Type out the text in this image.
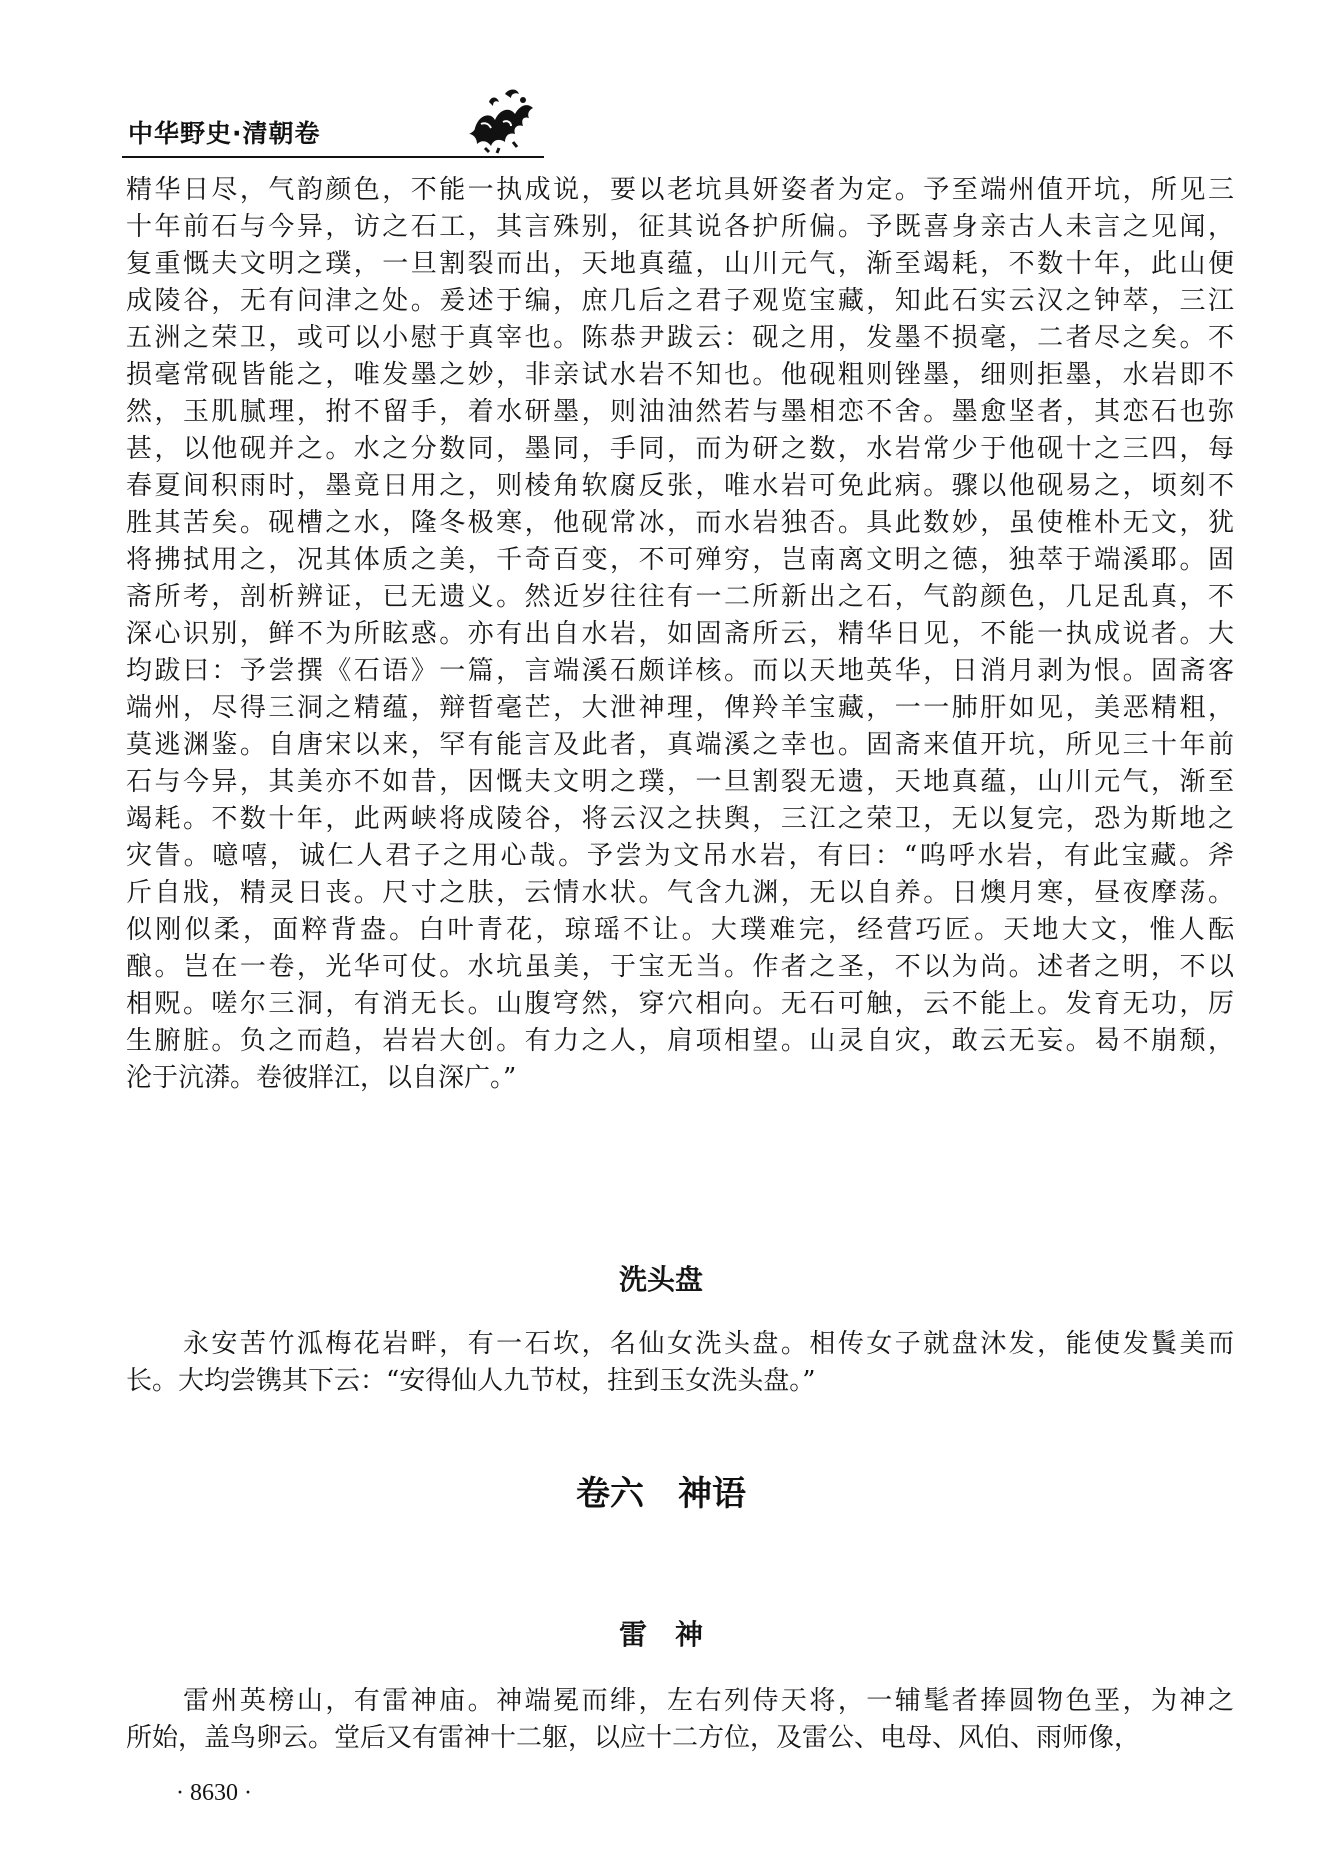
中华野史·清朝卷
精华日尽，气韵颜色，不能一执成说，要以老坑具妍姿者为定。予至端州值开坑，所见三
十年前石与今异，访之石工，其言殊别，征其说各护所偏。予既喜身亲古人未言之见闻，
复重慨夫文明之璞，一旦割裂而出，天地真蕴，山川元气，渐至竭耗，不数十年，此山便
成陵谷，无有问津之处。爰述于编，庶几后之君子观览宝藏，知此石实云汉之钟萃，三江
五洲之荣卫，或可以小慰于真宰也。陈恭尹跋云：砚之用，发墨不损毫，二者尽之矣。不
损毫常砚皆能之，唯发墨之妙，非亲试水岩不知也。他砚粗则锉墨，细则拒墨，水岩即不
然，玉肌腻理，拊不留手，着水研墨，则油油然若与墨相恋不舍。墨愈坚者，其恋石也弥
甚，以他砚并之。水之分数同，墨同，手同，而为研之数，水岩常少于他砚十之三四，每
春夏间积雨时，墨竟日用之，则棱角软腐反张，唯水岩可免此病。骤以他砚易之，顷刻不
胜其苦矣。砚槽之水，隆冬极寒，他砚常冰，而水岩独否。具此数妙，虽使椎朴无文，犹
将拂拭用之，况其体质之美，千奇百变，不可殚穷，岂南离文明之德，独萃于端溪耶。固
斋所考，剖析辨证，已无遗义。然近岁往往有一二所新出之石，气韵颜色，几足乱真，不
深心识别，鲜不为所眩惑。亦有出自水岩，如固斋所云，精华日见，不能一执成说者。大
均跋曰：予尝撰《石语》一篇，言端溪石颇详核。而以天地英华，日消月剥为恨。固斋客
端州，尽得三洞之精蕴，辩晢毫芒，大泄神理，俾羚羊宝藏，一一肺肝如见，美恶精粗，
莫逃渊鉴。自唐宋以来，罕有能言及此者，真端溪之幸也。固斋来值开坑，所见三十年前
石与今异，其美亦不如昔，因慨夫文明之璞，一旦割裂无遗，天地真蕴，山川元气，渐至
竭耗。不数十年，此两峡将成陵谷，将云汉之扶舆，三江之荣卫，无以复完，恐为斯地之
灾眚。噫嘻，诚仁人君子之用心哉。予尝为文吊水岩，有曰：“呜呼水岩，有此宝藏。斧
斤自戕，精灵日丧。尺寸之肤，云情水状。气含九渊，无以自养。日燠月寒，昼夜摩荡。
似刚似柔，面粹背盎。白叶青花，琼瑶不让。大璞难完，经营巧匠。天地大文，惟人酝
酿。岂在一卷，光华可仗。水坑虽美，于宝无当。作者之圣，不以为尚。述者之明，不以
相贶。嗟尔三洞，有消无长。山腹穹然，穿穴相向。无石可触，云不能上。发育无功，厉
生腑脏。负之而趋，岩岩大创。有力之人，肩项相望。山灵自灾，敢云无妄。曷不崩颓，
沦于沆漭。卷彼牂江，以自深广。”
洗头盘
　　永安苦竹泒梅花岩畔，有一石坎，名仙女洗头盘。相传女子就盘沐发，能使发鬒美而
长。大均尝镌其下云：“安得仙人九节杖，拄到玉女洗头盘。”
卷六　神语
雷　神
　　雷州英榜山，有雷神庙。神端冕而绯，左右列侍天将，一辅髦者捧圆物色垩，为神之
所始，盖鸟卵云。堂后又有雷神十二躯，以应十二方位，及雷公、电母、风伯、雨师像，
· 8630 ·
